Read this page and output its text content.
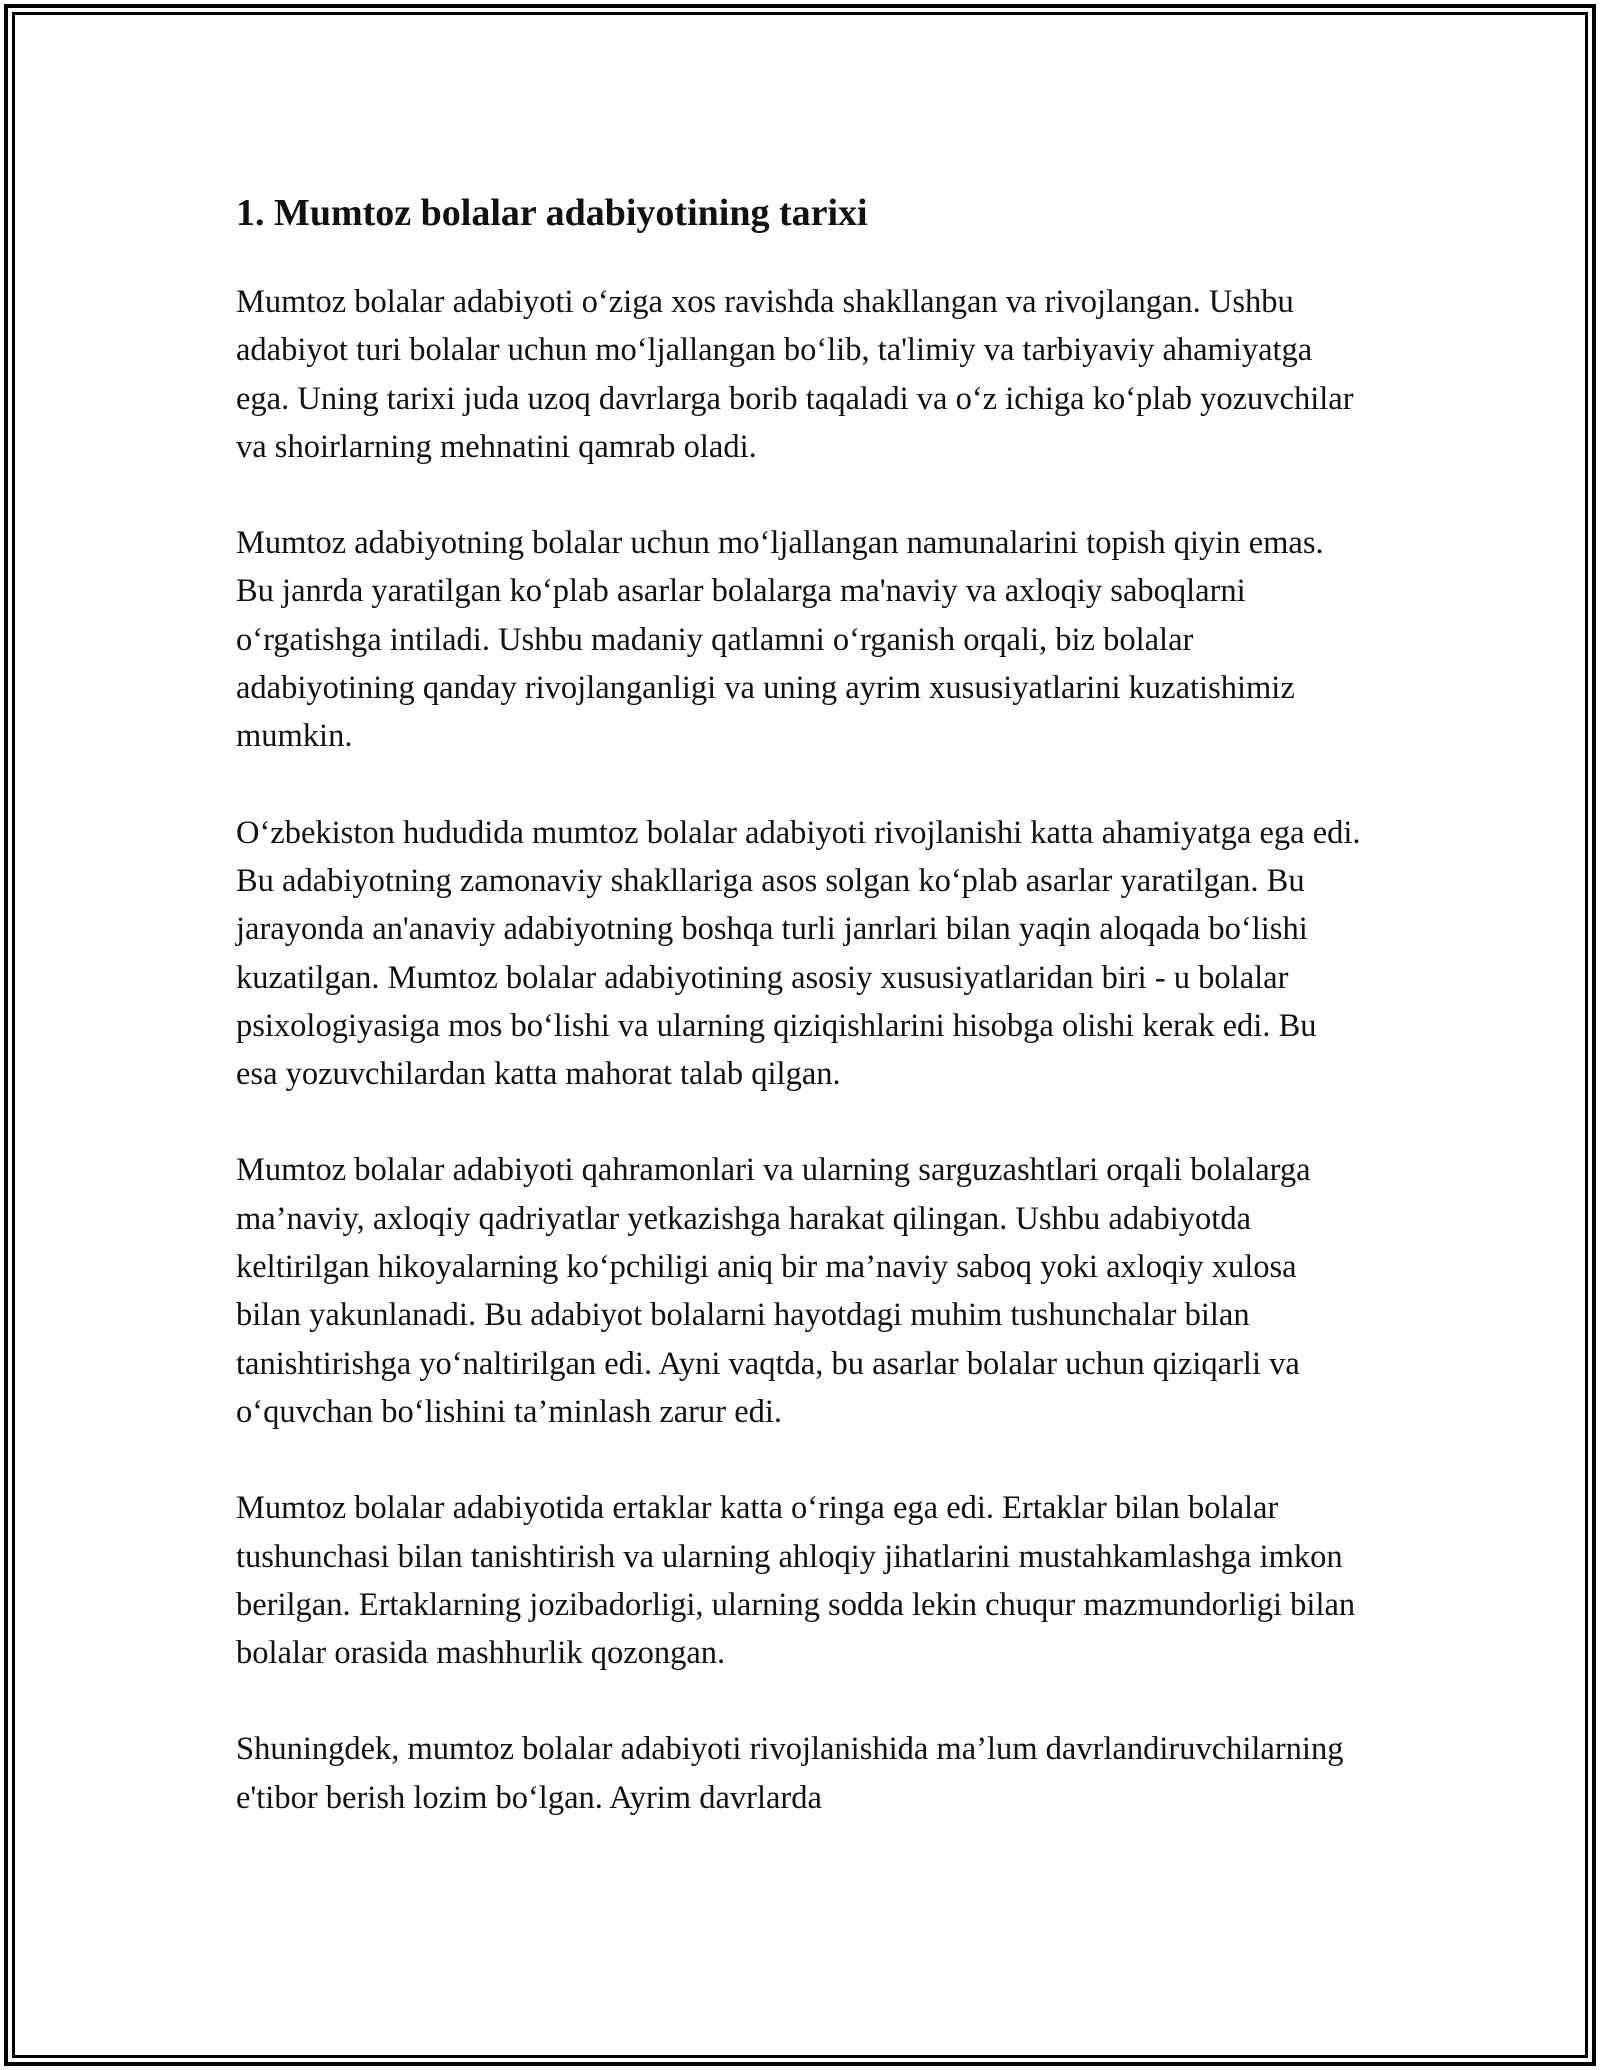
1. Mumtoz bolalar adabiyotining tarixi

Mumtoz bolalar adabiyoti o‘ziga xos ravishda shakllangan va rivojlangan. Ushbu adabiyot turi bolalar uchun mo‘ljallangan bo‘lib, ta'limiy va tarbiyaviy ahamiyatga ega. Uning tarixi juda uzoq davrlarga borib taqaladi va o‘z ichiga ko‘plab yozuvchilar va shoirlarning mehnatini qamrab oladi.

Mumtoz adabiyotning bolalar uchun mo‘ljallangan namunalarini topish qiyin emas. Bu janrda yaratilgan ko‘plab asarlar bolalarga ma'naviy va axloqiy saboqlarni o‘rgatishga intiladi. Ushbu madaniy qatlamni o‘rganish orqali, biz bolalar adabiyotining qanday rivojlanganligi va uning ayrim xususiyatlarini kuzatishimiz mumkin.

O‘zbekiston hududida mumtoz bolalar adabiyoti rivojlanishi katta ahamiyatga ega edi. Bu adabiyotning zamonaviy shakllariga asos solgan ko‘plab asarlar yaratilgan. Bu jarayonda an'anaviy adabiyotning boshqa turli janrlari bilan yaqin aloqada bo‘lishi kuzatilgan. Mumtoz bolalar adabiyotining asosiy xususiyatlaridan biri - u bolalar psixologiyasiga mos bo‘lishi va ularning qiziqishlarini hisobga olishi kerak edi. Bu esa yozuvchilardan katta mahorat talab qilgan.

Mumtoz bolalar adabiyoti qahramonlari va ularning sarguzashtlari orqali bolalarga ma’naviy, axloqiy qadriyatlar yetkazishga harakat qilingan. Ushbu adabiyotda keltirilgan hikoyalarning ko‘pchiligi aniq bir ma’naviy saboq yoki axloqiy xulosa bilan yakunlanadi. Bu adabiyot bolalarni hayotdagi muhim tushunchalar bilan tanishtirishga yo‘naltirilgan edi. Ayni vaqtda, bu asarlar bolalar uchun qiziqarli va o‘quvchan bo‘lishini ta’minlash zarur edi.

Mumtoz bolalar adabiyotida ertaklar katta o‘ringa ega edi. Ertaklar bilan bolalar tushunchasi bilan tanishtirish va ularning ahloqiy jihatlarini mustahkamlashga imkon berilgan. Ertaklarning jozibadorligi, ularning sodda lekin chuqur mazmundorligi bilan bolalar orasida mashhurlik qozongan.

Shuningdek, mumtoz bolalar adabiyoti rivojlanishida ma’lum davrlandiruvchilarning e'tibor berish lozim bo‘lgan. Ayrim davrlarda
